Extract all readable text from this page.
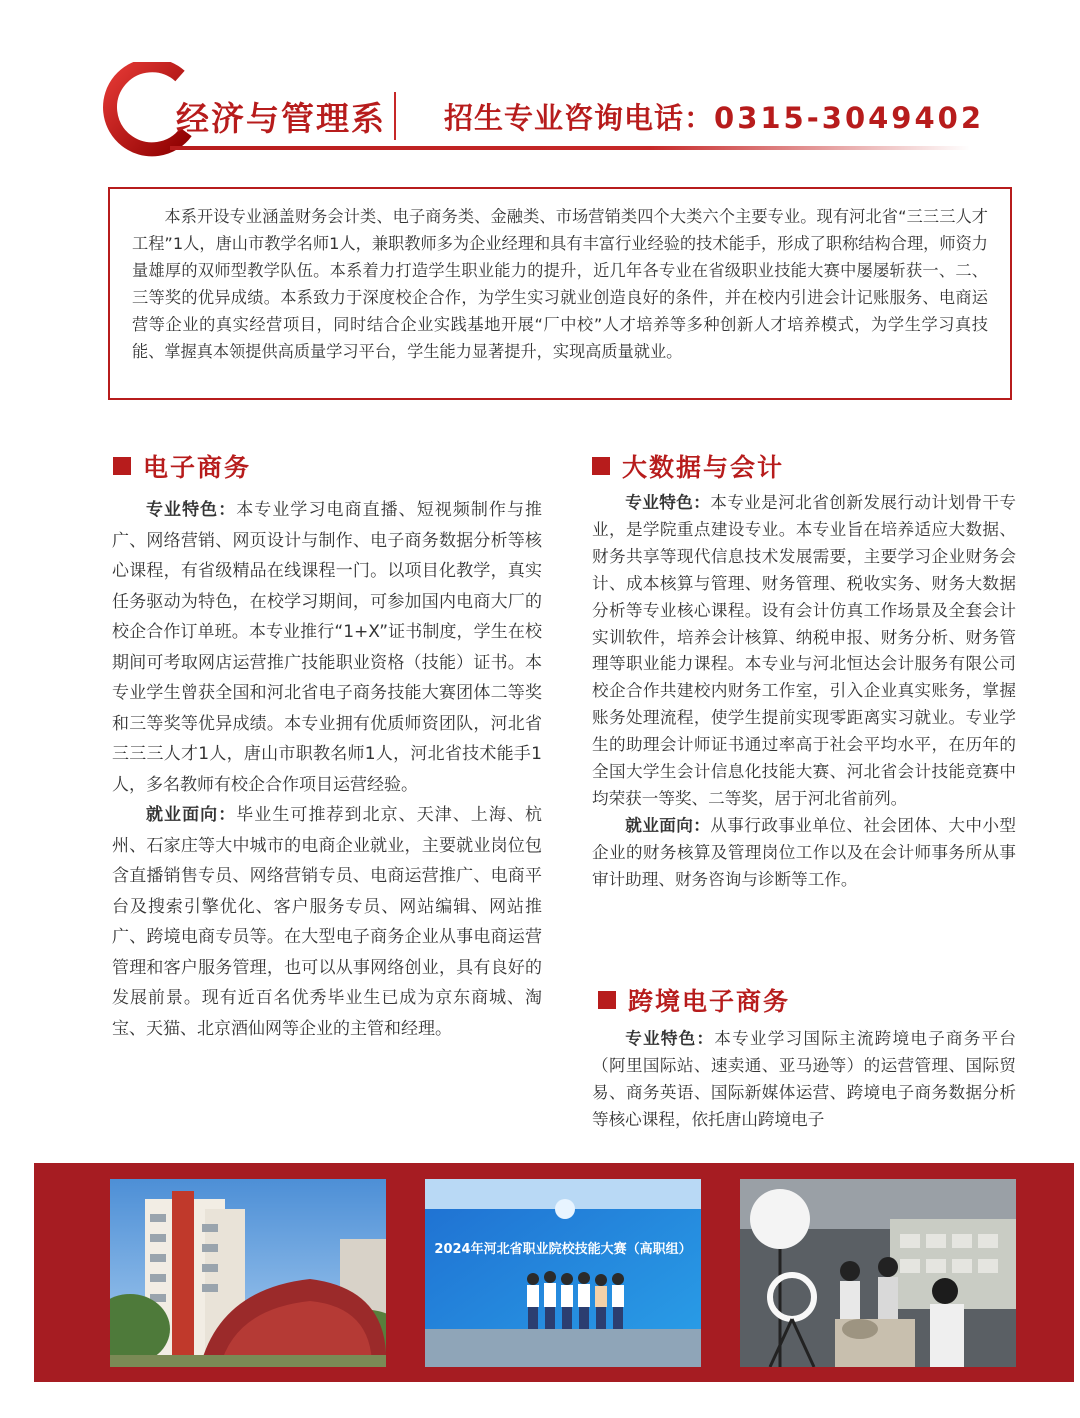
经济与管理系 招生专业咨询电话：0315-3049402

本系开设专业涵盖财务会计类、电子商务类、金融类、市场营销类四个大类六个主要专业。现有河北省“三三三人才工程”1人，唐山市教学名师1人，兼职教师多为企业经理和具有丰富行业经验的技术能手，形成了职称结构合理，师资力量雄厚的双师型教学队伍。本系着力打造学生职业能力的提升，近几年各专业在省级职业技能大赛中屡屡斩获一、二、三等奖的优异成绩。本系致力于深度校企合作，为学生实习就业创造良好的条件，并在校内引进会计记账服务、电商运营等企业的真实经营项目，同时结合企业实践基地开展“厂中校”人才培养等多种创新人才培养模式，为学生学习真技能、掌握真本领提供高质量学习平台，学生能力显著提升，实现高质量就业。

电子商务

专业特色：本专业学习电商直播、短视频制作与推广、网络营销、网页设计与制作、电子商务数据分析等核心课程，有省级精品在线课程一门。以项目化教学，真实任务驱动为特色，在校学习期间，可参加国内电商大厂的校企合作订单班。本专业推行“1+X”证书制度，学生在校期间可考取网店运营推广技能职业资格（技能）证书。本专业学生曾获全国和河北省电子商务技能大赛团体二等奖和三等奖等优异成绩。本专业拥有优质师资团队，河北省三三三人才1人，唐山市职教名师1人，河北省技术能手1人，多名教师有校企合作项目运营经验。

就业面向：毕业生可推荐到北京、天津、上海、杭州、石家庄等大中城市的电商企业就业，主要就业岗位包含直播销售专员、网络营销专员、电商运营推广、电商平台及搜索引擎优化、客户服务专员、网站编辑、网站推广、跨境电商专员等。在大型电子商务企业从事电商运营管理和客户服务管理，也可以从事网络创业，具有良好的发展前景。现有近百名优秀毕业生已成为京东商城、淘宝、天猫、北京酒仙网等企业的主管和经理。

大数据与会计

专业特色：本专业是河北省创新发展行动计划骨干专业，是学院重点建设专业。本专业旨在培养适应大数据、财务共享等现代信息技术发展需要，主要学习企业财务会计、成本核算与管理、财务管理、税收实务、财务大数据分析等专业核心课程。设有会计仿真工作场景及全套会计实训软件，培养会计核算、纳税申报、财务分析、财务管理等职业能力课程。本专业与河北恒达会计服务有限公司校企合作共建校内财务工作室，引入企业真实账务，掌握账务处理流程，使学生提前实现零距离实习就业。专业学生的助理会计师证书通过率高于社会平均水平，在历年的全国大学生会计信息化技能大赛、河北省会计技能竞赛中均荣获一等奖、二等奖，居于河北省前列。

就业面向：从事行政事业单位、社会团体、大中小型企业的财务核算及管理岗位工作以及在会计师事务所从事审计助理、财务咨询与诊断等工作。

跨境电子商务

专业特色：本专业学习国际主流跨境电子商务平台（阿里国际站、速卖通、亚马逊等）的运营管理、国际贸易、商务英语、国际新媒体运营、跨境电子商务数据分析等核心课程，依托唐山跨境电子

2024年河北省职业院校技能大赛（高职组）
